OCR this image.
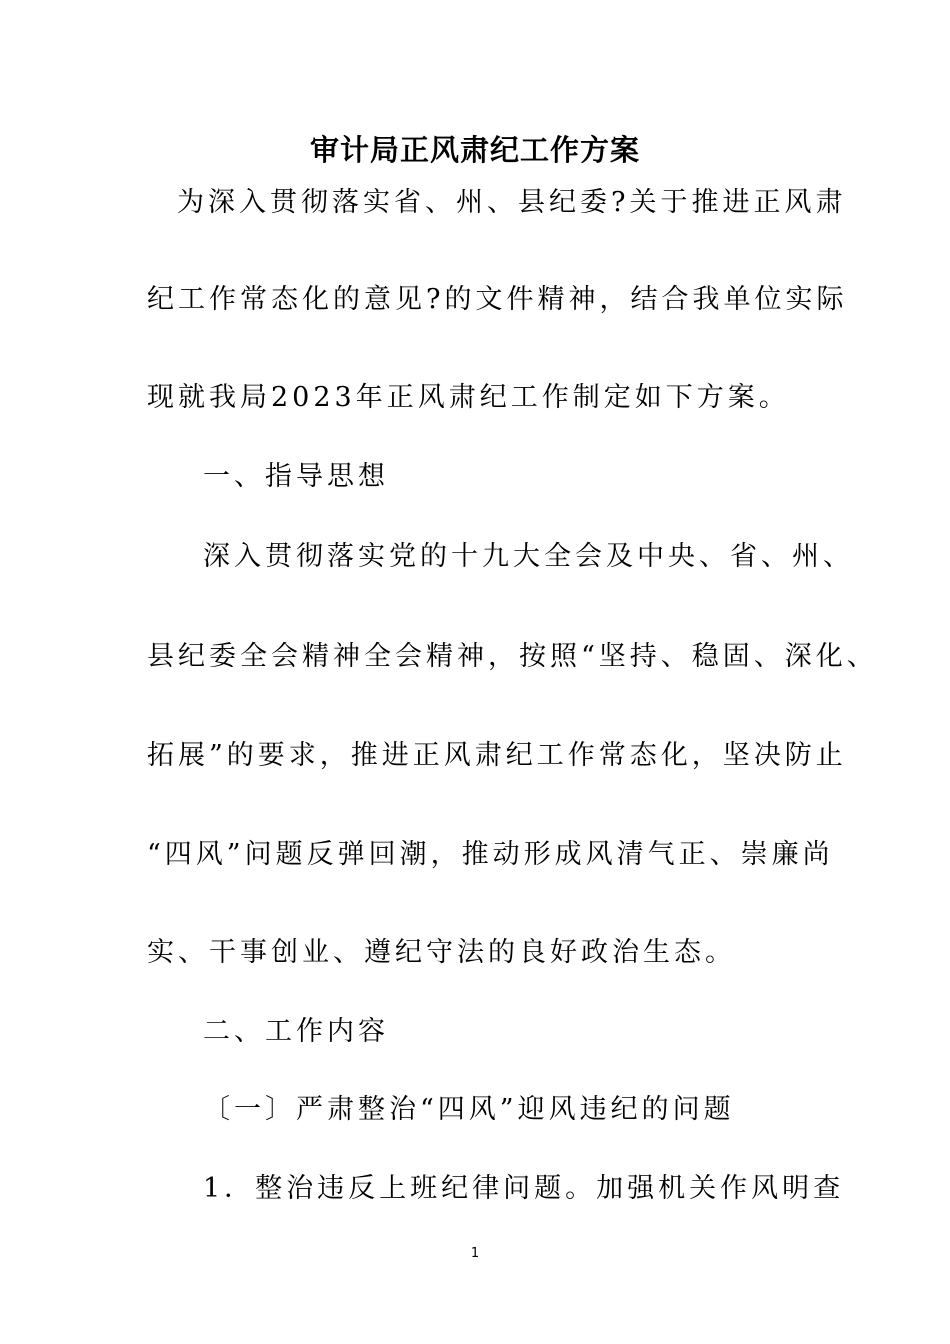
审计局正风肃纪工作方案
为深入贯彻落实省、州、县纪委?关于推进正风肃
纪工作常态化的意见?的文件精神，结合我单位实际
现就我局2023年正风肃纪工作制定如下方案。
一、指导思想
深入贯彻落实党的十九大全会及中央、省、州、
县纪委全会精神全会精神，按照“坚持、稳固、深化、
拓展”的要求，推进正风肃纪工作常态化，坚决防止
“四风”问题反弹回潮，推动形成风清气正、崇廉尚
实、干事创业、遵纪守法的良好政治生态。
二、工作内容
〔一〕严肃整治“四风”迎风违纪的问题
1．整治违反上班纪律问题。加强机关作风明查
1
